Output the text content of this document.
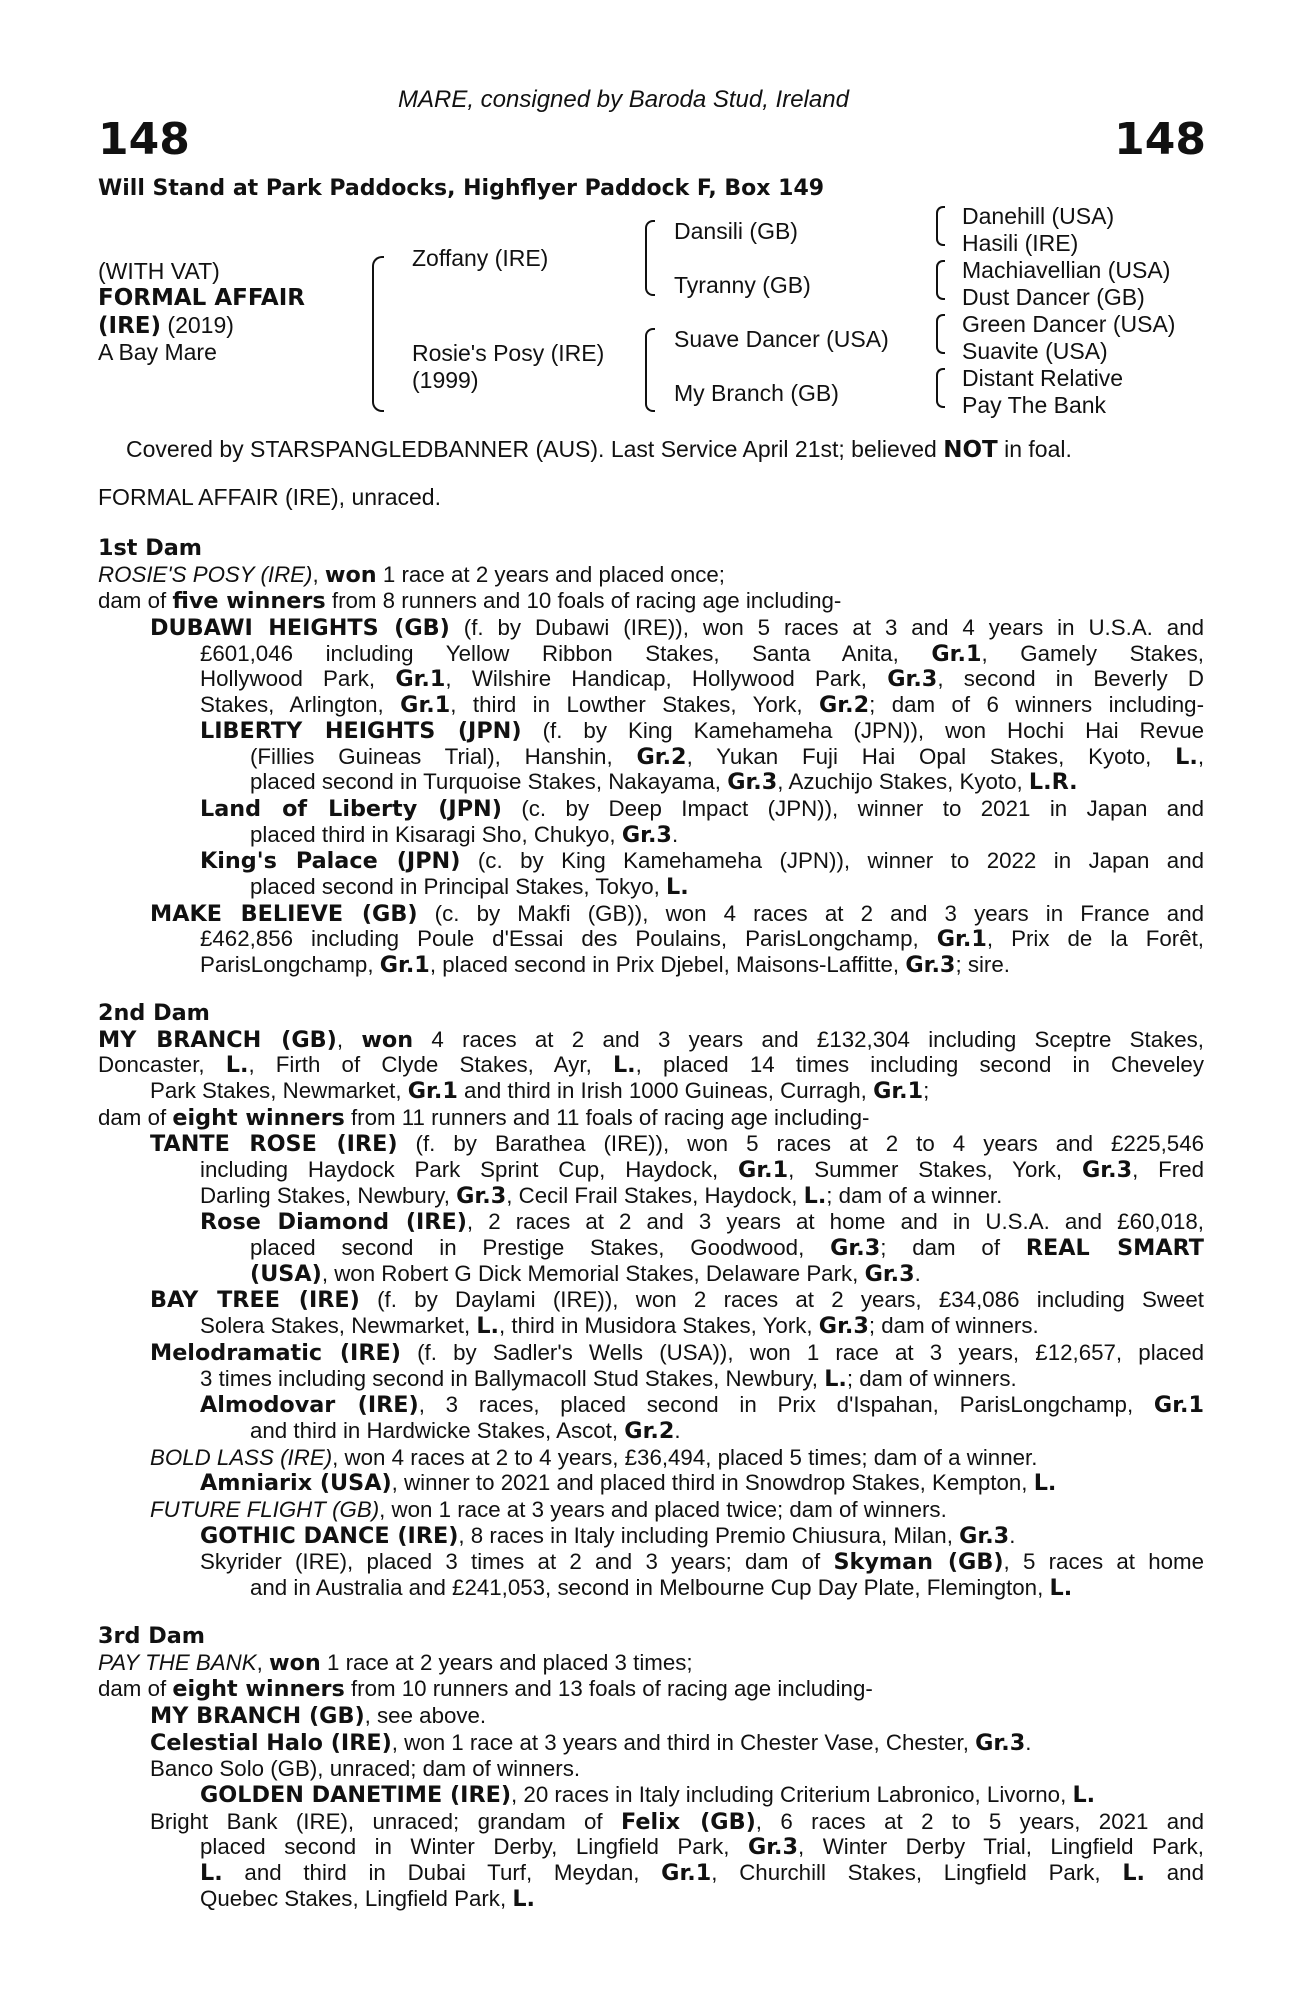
MARE, consigned by Baroda Stud, Ireland
148	148
Will Stand at Park Paddocks, Highflyer Paddock F, Box 149
(WITH VAT)
FORMAL AFFAIR
(IRE) (2019)
A Bay Mare
Zoffany (IRE)
Rosie's Posy (IRE)
(1999)
Dansili (GB)
Tyranny (GB)
Suave Dancer (USA)
My Branch (GB)
Danehill (USA)
Hasili (IRE)
Machiavellian (USA)
Dust Dancer (GB)
Green Dancer (USA)
Suavite (USA)
Distant Relative
Pay The Bank
Covered by STARSPANGLEDBANNER (AUS). Last Service April 21st; believed NOT in foal.
FORMAL AFFAIR (IRE), unraced.
1st Dam
ROSIE'S POSY (IRE), won 1 race at 2 years and placed once;
dam of five winners from 8 runners and 10 foals of racing age including-
DUBAWI HEIGHTS (GB) (f. by Dubawi (IRE)), won 5 races at 3 and 4 years in U.S.A. and
£601,046 including Yellow Ribbon Stakes, Santa Anita, Gr.1, Gamely Stakes,
Hollywood Park, Gr.1, Wilshire Handicap, Hollywood Park, Gr.3, second in Beverly D
Stakes, Arlington, Gr.1, third in Lowther Stakes, York, Gr.2; dam of 6 winners including-
LIBERTY HEIGHTS (JPN) (f. by King Kamehameha (JPN)), won Hochi Hai Revue
(Fillies Guineas Trial), Hanshin, Gr.2, Yukan Fuji Hai Opal Stakes, Kyoto, L.,
placed second in Turquoise Stakes, Nakayama, Gr.3, Azuchijo Stakes, Kyoto, L.R.
Land of Liberty (JPN) (c. by Deep Impact (JPN)), winner to 2021 in Japan and
placed third in Kisaragi Sho, Chukyo, Gr.3.
King's Palace (JPN) (c. by King Kamehameha (JPN)), winner to 2022 in Japan and
placed second in Principal Stakes, Tokyo, L.
MAKE BELIEVE (GB) (c. by Makfi (GB)), won 4 races at 2 and 3 years in France and
£462,856 including Poule d'Essai des Poulains, ParisLongchamp, Gr.1, Prix de la Forêt,
ParisLongchamp, Gr.1, placed second in Prix Djebel, Maisons-Laffitte, Gr.3; sire.
2nd Dam
MY BRANCH (GB), won 4 races at 2 and 3 years and £132,304 including Sceptre Stakes,
Doncaster, L., Firth of Clyde Stakes, Ayr, L., placed 14 times including second in Cheveley
Park Stakes, Newmarket, Gr.1 and third in Irish 1000 Guineas, Curragh, Gr.1;
dam of eight winners from 11 runners and 11 foals of racing age including-
TANTE ROSE (IRE) (f. by Barathea (IRE)), won 5 races at 2 to 4 years and £225,546
including Haydock Park Sprint Cup, Haydock, Gr.1, Summer Stakes, York, Gr.3, Fred
Darling Stakes, Newbury, Gr.3, Cecil Frail Stakes, Haydock, L.; dam of a winner.
Rose Diamond (IRE), 2 races at 2 and 3 years at home and in U.S.A. and £60,018,
placed second in Prestige Stakes, Goodwood, Gr.3; dam of REAL SMART
(USA), won Robert G Dick Memorial Stakes, Delaware Park, Gr.3.
BAY TREE (IRE) (f. by Daylami (IRE)), won 2 races at 2 years, £34,086 including Sweet
Solera Stakes, Newmarket, L., third in Musidora Stakes, York, Gr.3; dam of winners.
Melodramatic (IRE) (f. by Sadler's Wells (USA)), won 1 race at 3 years, £12,657, placed
3 times including second in Ballymacoll Stud Stakes, Newbury, L.; dam of winners.
Almodovar (IRE), 3 races, placed second in Prix d'Ispahan, ParisLongchamp, Gr.1
and third in Hardwicke Stakes, Ascot, Gr.2.
BOLD LASS (IRE), won 4 races at 2 to 4 years, £36,494, placed 5 times; dam of a winner.
Amniarix (USA), winner to 2021 and placed third in Snowdrop Stakes, Kempton, L.
FUTURE FLIGHT (GB), won 1 race at 3 years and placed twice; dam of winners.
GOTHIC DANCE (IRE), 8 races in Italy including Premio Chiusura, Milan, Gr.3.
Skyrider (IRE), placed 3 times at 2 and 3 years; dam of Skyman (GB), 5 races at home
and in Australia and £241,053, second in Melbourne Cup Day Plate, Flemington, L.
3rd Dam
PAY THE BANK, won 1 race at 2 years and placed 3 times;
dam of eight winners from 10 runners and 13 foals of racing age including-
MY BRANCH (GB), see above.
Celestial Halo (IRE), won 1 race at 3 years and third in Chester Vase, Chester, Gr.3.
Banco Solo (GB), unraced; dam of winners.
GOLDEN DANETIME (IRE), 20 races in Italy including Criterium Labronico, Livorno, L.
Bright Bank (IRE), unraced; grandam of Felix (GB), 6 races at 2 to 5 years, 2021 and
placed second in Winter Derby, Lingfield Park, Gr.3, Winter Derby Trial, Lingfield Park,
L. and third in Dubai Turf, Meydan, Gr.1, Churchill Stakes, Lingfield Park, L. and
Quebec Stakes, Lingfield Park, L.
